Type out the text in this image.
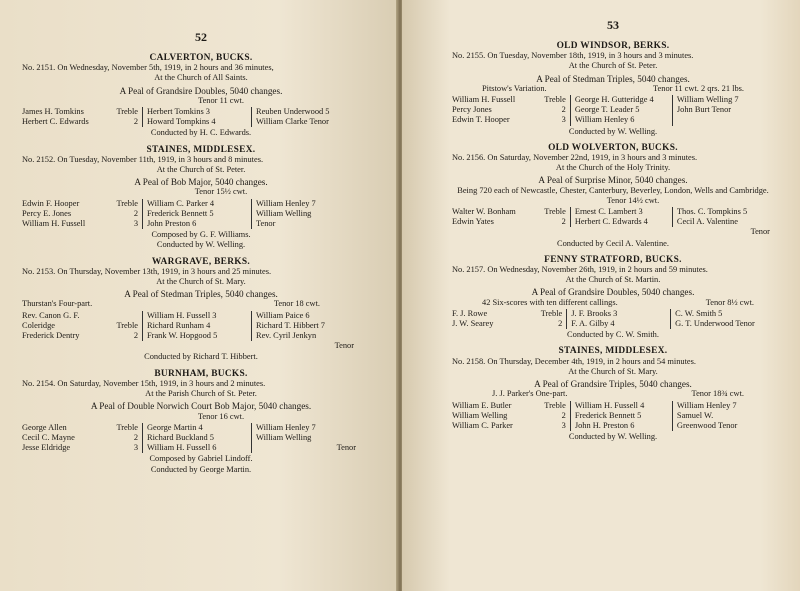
52
CALVERTON, BUCKS.
No. 2151. On Wednesday, November 5th, 1919, in 2 hours and 36 minutes,
At the Church of All Saints.
A Peal of Grandsire Doubles, 5040 changes.
Tenor 11 cwt.
James H. Tomkins	Treble	Herbert Tomkins 3	Reuben Underwood 5
Herbert C. Edwards	2	Howard Tompkins 4	William Clarke Tenor
Conducted by H. C. Edwards.
STAINES, MIDDLESEX.
No. 2152. On Tuesday, November 11th, 1919, in 3 hours and 8 minutes.
At the Church of St. Peter.
A Peal of Bob Major, 5040 changes.
Tenor 15½ cwt.
Edwin F. Hooper	Treble	William C. Parker 4	William Henley 7
Percy E. Jones	2	Frederick Bennett 5	William Welling
William H. Fussell	3	John Preston 6	Tenor
Composed by G. F. Williams.
Conducted by W. Welling.
WARGRAVE, BERKS.
No. 2153. On Thursday, November 13th, 1919, in 3 hours and 25 minutes.
At the Church of St. Mary.
A Peal of Stedman Triples, 5040 changes.
Thurstan's Four-part.	Tenor 18 cwt.
Rev. Canon G. F.	William H. Fussell 3	William Paice 6
Coleridge	Treble	Richard Runham 4	Richard T. Hibbert 7
Frederick Dentry	2	Frank W. Hopgood 5	Rev. Cyril Jenkyn
Tenor
Conducted by Richard T. Hibbert.
BURNHAM, BUCKS.
No. 2154. On Saturday, November 15th, 1919, in 3 hours and 2 minutes.
At the Parish Church of St. Peter.
A Peal of Double Norwich Court Bob Major, 5040 changes.
Tenor 16 cwt.
George Allen	Treble	George Martin 4	William Henley 7
Cecil C. Mayne	2	Richard Buckland 5	William Welling
Jesse Eldridge	3	William H. Fussell 6	Tenor
Composed by Gabriel Lindoff.
Conducted by George Martin.
53
OLD WINDSOR, BERKS.
No. 2155. On Tuesday, November 18th, 1919, in 3 hours and 3 minutes.
At the Church of St. Peter.
A Peal of Stedman Triples, 5040 changes.
Pitstow's Variation.	Tenor 11 cwt. 2 qrs. 21 lbs.
William H. Fussell	Treble	George H. Gutteridge 4	William Welling 7
Percy Jones	2	George T. Leader 5	John Burt Tenor
Edwin T. Hooper	3	William Henley 6
Conducted by W. Welling.
OLD WOLVERTON, BUCKS.
No. 2156. On Saturday, November 22nd, 1919, in 3 hours and 3 minutes.
At the Church of the Holy Trinity.
A Peal of Surprise Minor, 5040 changes.
Being 720 each of Newcastle, Chester, Canterbury, Beverley, London, Wells and Cambridge.
Tenor 14½ cwt.
Walter W. Bonham	Treble	Ernest C. Lambert 3	Thos. C. Tompkins 5
Edwin Yates	2	Herbert C. Edwards 4	Cecil A. Valentine
Tenor
Conducted by Cecil A. Valentine.
FENNY STRATFORD, BUCKS.
No. 2157. On Wednesday, November 26th, 1919, in 2 hours and 59 minutes.
At the Church of St. Martin.
A Peal of Grandsire Doubles, 5040 changes.
42 Six-scores with ten different callings.	Tenor 8½ cwt.
F. J. Rowe	Treble	J. F. Brooks 3	C. W. Smith 5
J. W. Searey	2	F. A. Gilby 4	G. T. Underwood Tenor
Conducted by C. W. Smith.
STAINES, MIDDLESEX.
No. 2158. On Thursday, December 4th, 1919, in 2 hours and 54 minutes.
At the Church of St. Mary.
A Peal of Grandsire Triples, 5040 changes.
J. J. Parker's One-part.	Tenor 18¾ cwt.
William E. Butler	Treble	William H. Fussell 4	William Henley 7
William Welling	2	Frederick Bennett 5	Samuel W.
William C. Parker	3	John H. Preston 6	Greenwood Tenor
Conducted by W. Welling.
